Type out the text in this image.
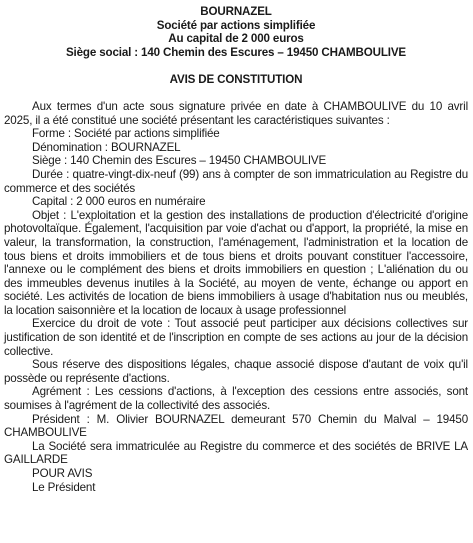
BOURNAZEL
Société par actions simplifiée
Au capital de 2 000 euros
Siège social : 140 Chemin des Escures – 19450 CHAMBOULIVE
AVIS DE CONSTITUTION

Aux termes d'un acte sous signature privée en date à CHAMBOULIVE du 10 avril 2025, il a été constitué une société présentant les caractéristiques suivantes :

Forme : Société par actions simplifiée

Dénomination : BOURNAZEL

Siège : 140 Chemin des Escures – 19450 CHAMBOULIVE

Durée : quatre-vingt-dix-neuf (99) ans à compter de son immatriculation au Registre du commerce et des sociétés

Capital : 2 000 euros en numéraire

Objet : L'exploitation et la gestion des installations de production d'électricité d'origine photovoltaïque. Également, l'acquisition par voie d'achat ou d'apport, la propriété, la mise en valeur, la transformation, la construction, l'aménagement, l'administration et la location de tous biens et droits immobiliers et de tous biens et droits pouvant constituer l'accessoire, l'annexe ou le complément des biens et droits immobiliers en question ; L'aliénation du ou des immeubles devenus inutiles à la Société, au moyen de vente, échange ou apport en société. Les activités de location de biens immobiliers à usage d'habitation nus ou meublés, la location saisonnière et la location de locaux à usage professionnel

Exercice du droit de vote : Tout associé peut participer aux décisions collectives sur justification de son identité et de l'inscription en compte de ses actions au jour de la décision collective.

Sous réserve des dispositions légales, chaque associé dispose d'autant de voix qu'il possède ou représente d'actions.

Agrément : Les cessions d'actions, à l'exception des cessions entre associés, sont soumises à l'agrément de la collectivité des associés.

Président : M. Olivier BOURNAZEL demeurant 570 Chemin du Malval – 19450 CHAMBOULIVE

La Société sera immatriculée au Registre du commerce et des sociétés de BRIVE LA GAILLARDE

POUR AVIS

Le Président
